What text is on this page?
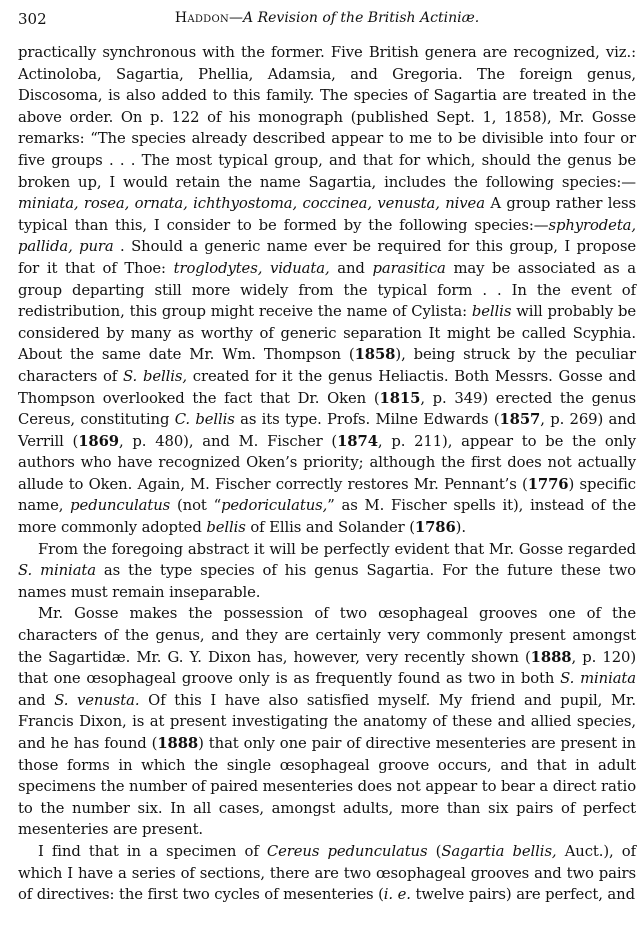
302	Haddon—A Revision of the British Actiniæ.

practically synchronous with the former. Five British genera are recognized, viz.: Actinoloba, Sagartia, Phellia, Adamsia, and Gregoria. The foreign genus, Discosoma, is also added to this family. The species of Sagartia are treated in the above order. On p. 122 of his monograph (published Sept. 1, 1858), Mr. Gosse remarks: “The species already described appear to me to be divisible into four or five groups . . . The most typical group, and that for which, should the genus be broken up, I would retain the name Sagartia, includes the following species:— miniata, rosea, ornata, ichthyostoma, coccinea, venusta, nivea A group rather less typical than this, I consider to be formed by the following species:—sphyrodeta, pallida, pura . Should a generic name ever be required for this group, I propose for it that of Thoe: troglodytes, viduata, and parasitica may be associated as a group departing still more widely from the typical form . . In the event of redistribution, this group might receive the name of Cylista: bellis will probably be considered by many as worthy of generic separation It might be called Scyphia. About the same date Mr. Wm. Thompson (1858), being struck by the peculiar characters of S. bellis, created for it the genus Heliactis. Both Messrs. Gosse and Thompson overlooked the fact that Dr. Oken (1815, p. 349) erected the genus Cereus, constituting C. bellis as its type. Profs. Milne Edwards (1857, p. 269) and Verrill (1869, p. 480), and M. Fischer (1874, p. 211), appear to be the only authors who have recognized Oken’s priority; although the first does not actually allude to Oken. Again, M. Fischer correctly restores Mr. Pennant’s (1776) specific name, pedunculatus (not “pedoriculatus,” as M. Fischer spells it), instead of the more commonly adopted bellis of Ellis and Solander (1786).

From the foregoing abstract it will be perfectly evident that Mr. Gosse regarded S. miniata as the type species of his genus Sagartia. For the future these two names must remain inseparable.

Mr. Gosse makes the possession of two œsophageal grooves one of the characters of the genus, and they are certainly very commonly present amongst the Sagartidæ. Mr. G. Y. Dixon has, however, very recently shown (1888, p. 120) that one œsophageal groove only is as frequently found as two in both S. miniata and S. venusta. Of this I have also satisfied myself. My friend and pupil, Mr. Francis Dixon, is at present investigating the anatomy of these and allied species, and he has found (1888) that only one pair of directive mesenteries are present in those forms in which the single œsophageal groove occurs, and that in adult specimens the number of paired mesenteries does not appear to bear a direct ratio to the number six. In all cases, amongst adults, more than six pairs of perfect mesenteries are present.

I find that in a specimen of Cereus pedunculatus (Sagartia bellis, Auct.), of which I have a series of sections, there are two œsophageal grooves and two pairs of directives: the first two cycles of mesenteries (i. e. twelve pairs) are perfect, and
